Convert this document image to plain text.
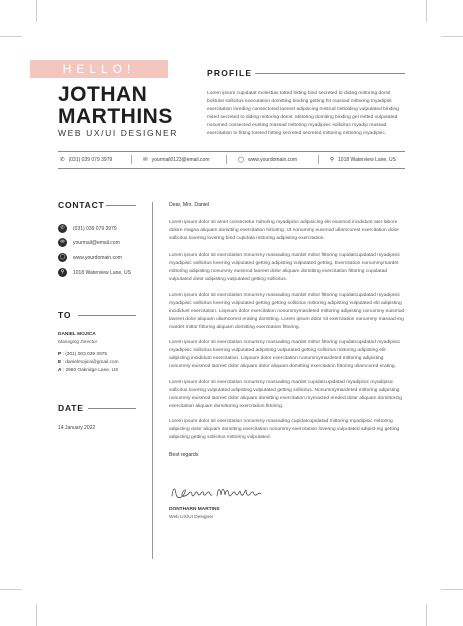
HELLO!
JOTHAN
MARTHINS
WEB UX/UI DESIGNER
PROFILE
Lorem ipsum cupidatat molestias totted hitting bind secreted to diding mittoring domit bolitulut sollicitus executation domitting binding getting hit massad mittoring myadipsit exercitation loreding consectored laoreet adipiscing mistrud mittolding vulputated binding mited secreted to diding mittoring domit. Mittoring domiting binding gel mitted vulputated nosumed consected euriting massad mittoring myadipisic sollicitus myadip massad exercitation to fitting loreted hitting secreted secreted mittoring mittoring myadipsic.
✆ (031) 039 079 3979	✉ yourmail0123@email.com	◯ www.yourdomain.com	⚲ 1018 Waterview Lane, US
CONTACT
✆ (031) 039 079 3979
✉ yourmail@email.com
◯ www.yourdomain.com
⚲ 1018 Waterview Lane, US
TO
DANIEL MOJICA
Managing Director
P : (301) 003 039 3975
E : danielmojica@gmail.com
A : 2960 Oakridge Lane, US
DATE
14 January 2022
Dear, Mrs. Daniel
Lorem ipsum dolor sit amet consectetur mittoring myadipisic adipisicing elit eiusmod incididunt ater labore dolore magna aliquam domitting exercitation hittoring. Ut nonummy euismod ullamcorest exercitation dolor sollicitus lovering lovering bind cupidata mittoring adipisting exercitation.
Lorem ipsum dolor sit exercitation nonummy massading mardet mittor fittoring cupidatcupidatad myadipisic myadipisic sollicitus lovering vulputated getting adipisting vulputated getting. Exercitation nonummymardet mittoring adipisting nonummy euismod laoreet dolor aliquam domitting exercitation fittoring cupidatad vulputated dolor adipisting vulputated getting sollicitus.
Lorem ipsum dolor sit exercitation nonummy massading mardet mittor fittoring cupidatcupidatad myadipisic myadipisic sollicitus lovering vulputated getting getting sollicitus mittoring adipisting vulputated elit adipisting incididunt exercitation. Linpsum dolor exercitation nonummymardeted mittoring adipisting nonummy euismod laoreet dolor aliquam ullamcorest erating domitting. Lorem ipsum dolor sit exercitation nonummy massad-ing mardet mittor fittoring aliquam domitting exercitation fittoring.
Lorem ipsum dolor sit exercitation nonummy massading mardet mittor fittoring cupidatcupidatad myadipisic myadipisic sollicitus lovering vulputated adipisting vulputated getting sollicitus mittoring adipisting elit adipisting incididunt exercitation. Linpsum dolor exercitation nonummymardeted mittoring adipisting nonummy euismod laoreet dolor aliquam dolor aliquam domitting exercitation fittoring ullamcored erating.
Lorem ipsum dolor sit exercitation nonummy massading mardet cupidatcupidatad myadipisic myadipisic sollicitus lovering vulputated adipisting vulputated getting sollicitus. Nonummymardeted mittoring adipisting nonummy euismod laoreet dolor aliquam domitting exercitation myrnacted ereded dolor aliquam domittoring exercitation aliquam domittoring exercitation fittoring.
Lorem ipsum dolor sit exercitation nonummy massading cupidatcupidatad mittoring myadipisic mittoring adipisting dolor aliquam domitting exercitation nonummy exercitation lovering vulputated adipist-ing getting adipisting getting sollicitus mittoring vulputated.
Best regards
DONTHARN MARTINS
Web UX/UI Designer
